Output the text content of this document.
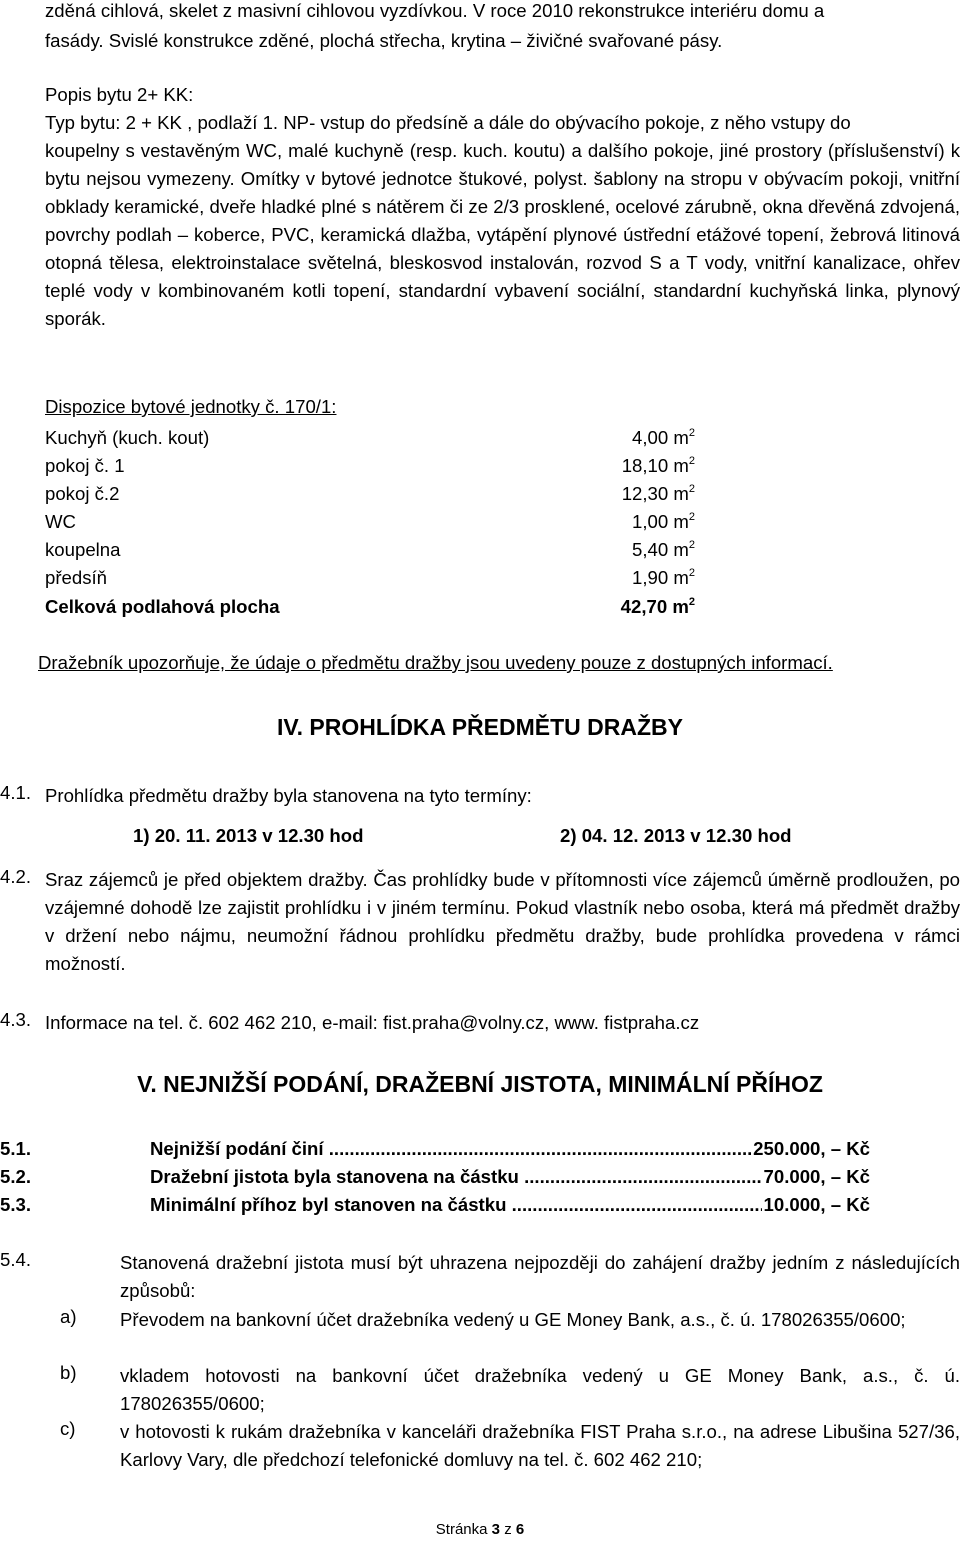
zděná cihlová, skelet z masivní cihlovou vyzdívkou. V roce 2010 rekonstrukce interiéru domu a
fasády. Svislé konstrukce zděné, plochá střecha, krytina – živičné svařované pásy.
Popis bytu 2+ KK:
Typ bytu: 2 + KK , podlaží 1. NP- vstup do předsíně a dále do obývacího pokoje, z něho vstupy do

koupelny s vestavěným WC, malé kuchyně (resp. kuch. koutu) a dalšího pokoje, jiné prostory (příslušenství) k bytu nejsou vymezeny. Omítky v bytové jednotce štukové, polyst. šablony na stropu v obývacím pokoji, vnitřní obklady keramické, dveře hladké plné s nátěrem či ze 2/3 prosklené, ocelové zárubně, okna dřevěná zdvojená, povrchy podlah – koberce, PVC, keramická dlažba, vytápění plynové ústřední etážové topení, žebrová litinová otopná tělesa, elektroinstalace světelná, bleskosvod instalován, rozvod S a T vody, vnitřní kanalizace, ohřev teplé vody v kombinovaném kotli topení, standardní vybavení sociální, standardní kuchyňská linka, plynový sporák.

Dispozice bytové jednotky č. 170/1:
Kuchyň (kuch. kout)	4,00 $m^2$
pokoj č. 1	18,10 $m^2$
pokoj č.2	12,30 $m^2$
WC	1,00 $m^2$
koupelna	5,40 $m^2$
předsíň	1,90 $m^2$
Celková podlahová plocha	42,70 $m^2$
Dražebník upozorňuje, že údaje o předmětu dražby jsou uvedeny pouze z dostupných informací.
IV. PROHLÍDKA PŘEDMĚTU DRAŽBY
4.1. Prohlídka předmětu dražby byla stanovena na tyto termíny:
1) 20. 11. 2013 v 12.30 hod	2) 04. 12. 2013 v 12.30 hod
4.2. Sraz zájemců je před objektem dražby. Čas prohlídky bude v přítomnosti více zájemců úměrně prodloužen, po vzájemné dohodě lze zajistit prohlídku i v jiném termínu. Pokud vlastník nebo osoba, která má předmět dražby v držení nebo nájmu, neumožní řádnou prohlídku předmětu dražby, bude prohlídka provedena v rámci možností.
4.3. Informace na tel. č. 602 462 210, e-mail: fist.praha@volny.cz, www. fistpraha.cz
V. NEJNIŽŠÍ PODÁNÍ, DRAŽEBNÍ JISTOTA, MINIMÁLNÍ PŘÍHOZ
5.1.	Nejnižší podání činí .....	250.000, – Kč
5.2.	Dražební jistota byla stanovena na částku .....	70.000, – Kč
5.3.	Minimální příhoz byl stanoven na částku .....	10.000, – Kč
5.4.	Stanovená dražební jistota musí být uhrazena nejpozději do zahájení dražby jedním z následujících způsobů:
a) Převodem na bankovní účet dražebníka vedený u GE Money Bank, a.s., č. ú. 178026355/0600;
b) vkladem hotovosti na bankovní účet dražebníka vedený u GE Money Bank, a.s., č. ú. 178026355/0600;
c) v hotovosti k rukám dražebníka v kanceláři dražebníka FIST Praha s.r.o., na adrese Libušina 527/36, Karlovy Vary, dle předchozí telefonické domluvy na tel. č. 602 462 210;
Stránka 3 z 6
